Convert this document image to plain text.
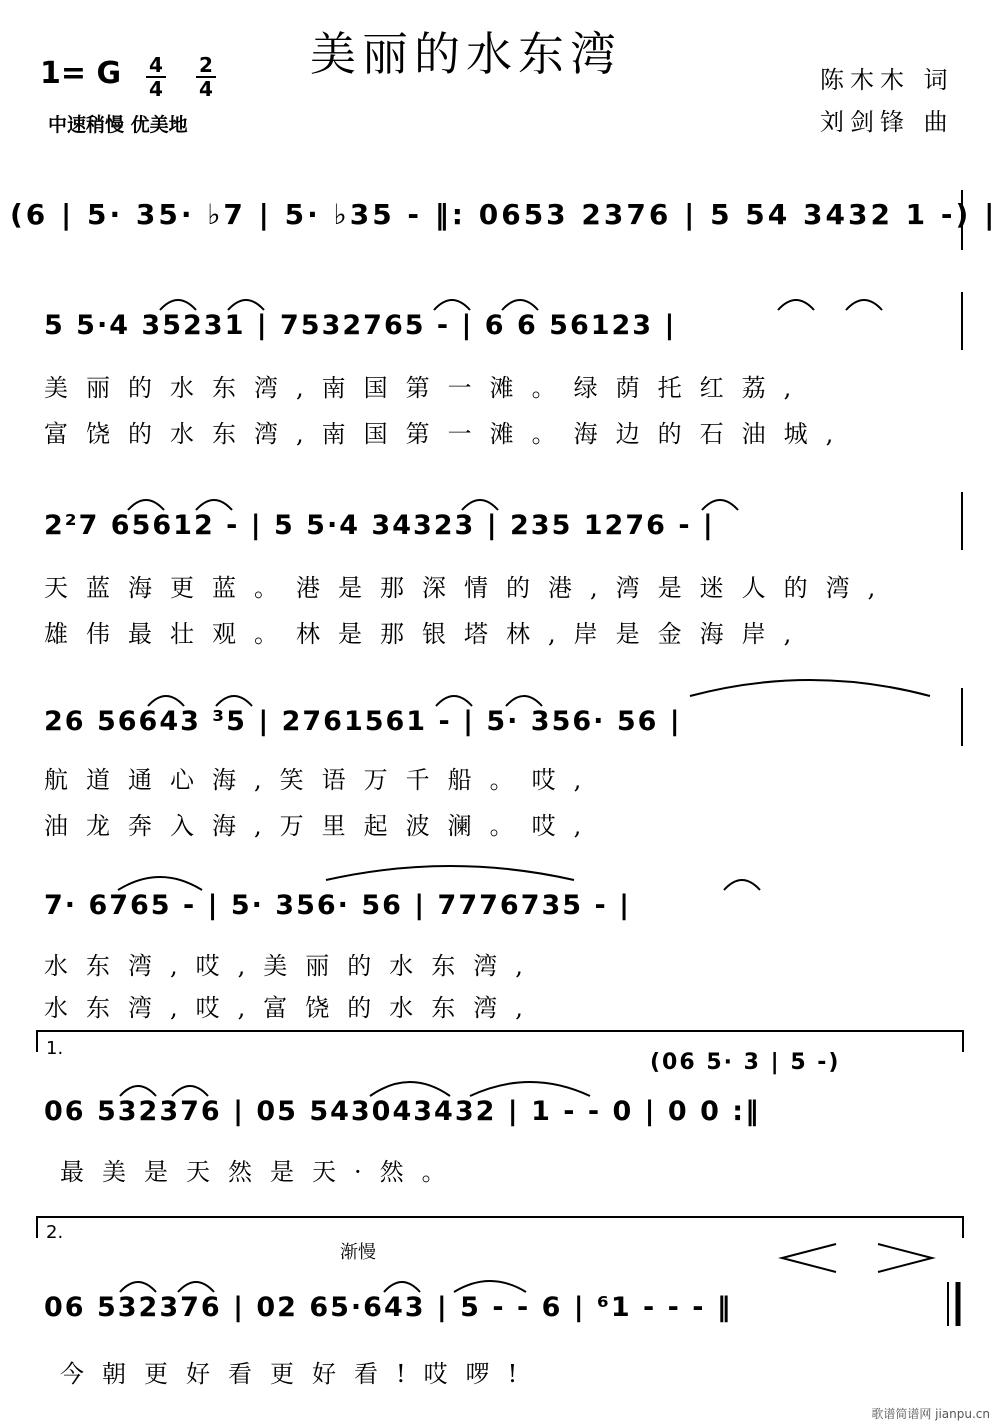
美丽的水东湾
1= G 4
4
2
4
中速稍慢 优美地
陈木木 词
刘剑锋 曲
(6 | 5· 35· ♭7 | 5· ♭35 - ‖: 0653 2376 | 5 54 3432 1 -) |
5 5·4 35231 | 7532765 - | 6 6 56123 |
美丽的水东湾,南国第一滩。绿荫托红荔,
富饶的水东湾,南国第一滩。海边的石油城,
2²7 65612 - | 5 5·4 34323 | 235 1276 - |
天蓝海更蓝。港是那深情的港,湾是迷人的湾,
雄伟最壮观。林是那银塔林,岸是金海岸,
26 56643 ³5 | 2761561 - | 5· 356· 56 |
航道通心海,笑语万千船。哎,
油龙奔入海,万里起波澜。哎,
7· 6765 - | 5· 356· 56 | 7776735 - |
水东湾,哎,美丽的水东湾,
水东湾,哎,富饶的水东湾,
1.
(06 5· 3 | 5 -)
06 532376 | 05 543043432 | 1 - - 0 | 0 0 :‖
最美是天然是天·然。
2.
渐慢
06 532376 | 02 65·643 | 5 - - 6 | ⁶1 - - - ‖
今朝更好看更好看!哎啰!
歌谱简谱网 jianpu.cn
